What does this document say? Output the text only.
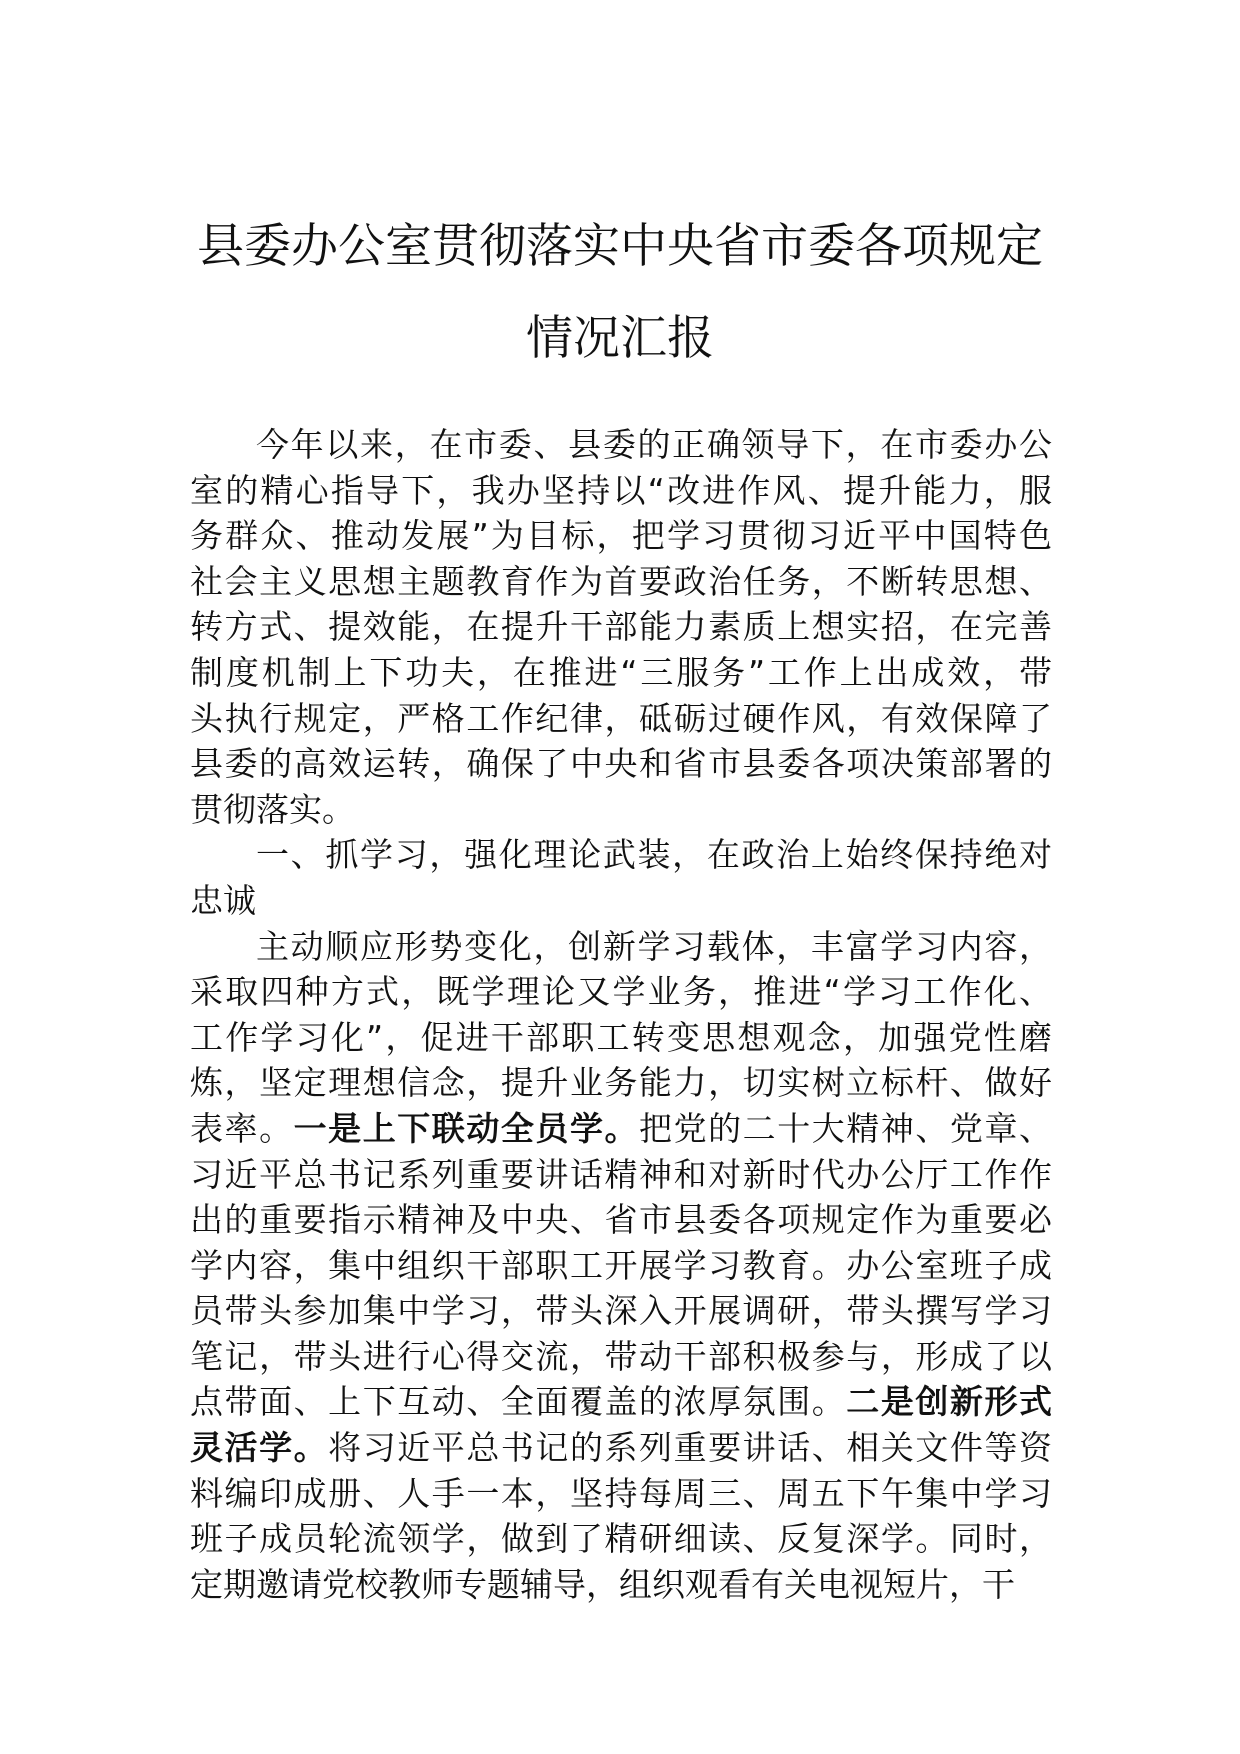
县委办公室贯彻落实中央省市委各项规定
情况汇报
今年以来，在市委、县委的正确领导下，在市委办公
室的精心指导下，我办坚持以“改进作风、提升能力，服
务群众、推动发展”为目标，把学习贯彻习近平中国特色
社会主义思想主题教育作为首要政治任务，不断转思想、
转方式、提效能，在提升干部能力素质上想实招，在完善
制度机制上下功夫，在推进“三服务”工作上出成效，带
头执行规定，严格工作纪律，砥砺过硬作风，有效保障了
县委的高效运转，确保了中央和省市县委各项决策部署的
贯彻落实。
一、抓学习，强化理论武装，在政治上始终保持绝对
忠诚
主动顺应形势变化，创新学习载体，丰富学习内容，
采取四种方式，既学理论又学业务，推进“学习工作化、
工作学习化”，促进干部职工转变思想观念，加强党性磨
炼，坚定理想信念，提升业务能力，切实树立标杆、做好
表率。一是上下联动全员学。把党的二十大精神、党章、
习近平总书记系列重要讲话精神和对新时代办公厅工作作
出的重要指示精神及中央、省市县委各项规定作为重要必
学内容，集中组织干部职工开展学习教育。办公室班子成
员带头参加集中学习，带头深入开展调研，带头撰写学习
笔记，带头进行心得交流，带动干部积极参与，形成了以
点带面、上下互动、全面覆盖的浓厚氛围。二是创新形式
灵活学。将习近平总书记的系列重要讲话、相关文件等资
料编印成册、人手一本，坚持每周三、周五下午集中学习
班子成员轮流领学，做到了精研细读、反复深学。同时，
定期邀请党校教师专题辅导，组织观看有关电视短片，干
